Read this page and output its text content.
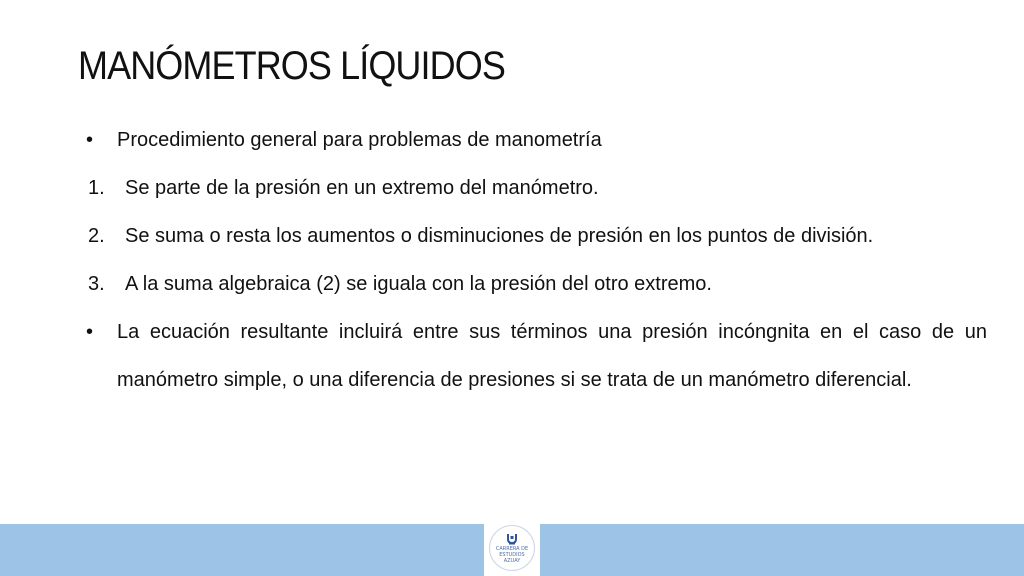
MANÓMETROS LÍQUIDOS
•	Procedimiento general para problemas de manometría
1.	Se parte de la presión en un extremo del manómetro.
2.	Se suma o resta los aumentos o disminuciones de presión en los puntos de división.
3.	A la suma algebraica (2) se iguala con la presión del otro extremo.
•	La ecuación resultante incluirá entre sus términos una presión incóngnita en el caso de un manómetro simple, o una diferencia de presiones si se trata de un manómetro diferencial.
CARRERA DE ESTUDIOS
AZUAY
